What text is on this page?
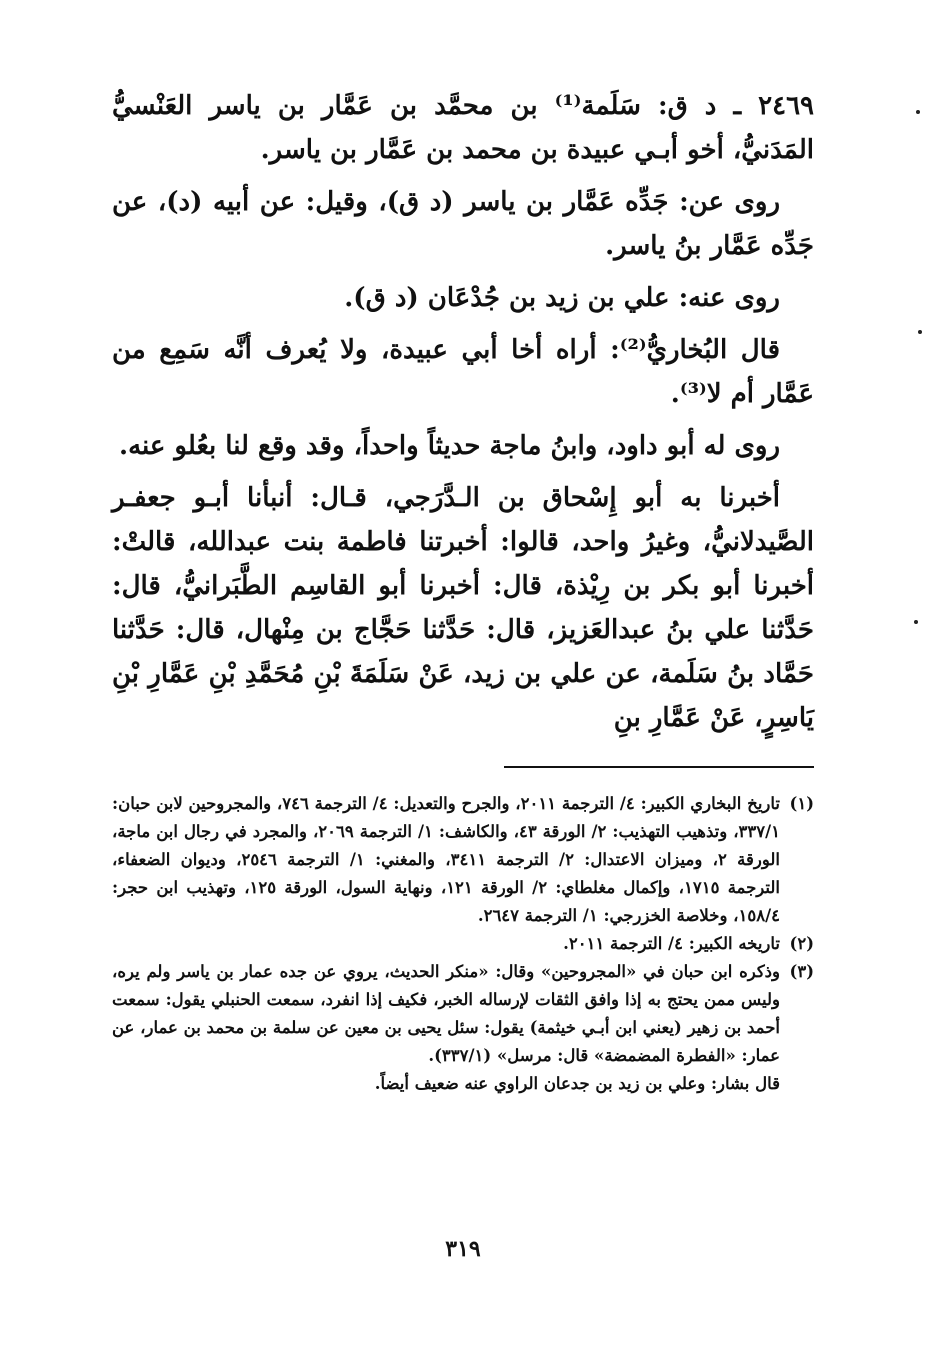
٢٤٦٩ ـ د ق: سَلَمة⁽¹⁾ بن محمَّد بن عَمَّار بن ياسر العَنْسيُّ المَدَنيُّ، أخو أبـي عبيدة بن محمد بن عَمَّار بن ياسر.

روى عن: جَدِّه عَمَّار بن ياسر (د ق)، وقيل: عن أبيه (د)، عن جَدِّه عَمَّار بنُ ياسر.

روى عنه: علي بن زيد بن جُدْعَان (د ق).

قال البُخاريُّ⁽²⁾: أراه أخا أبي عبيدة، ولا يُعرف أنَّه سَمِع من عَمَّار أم لا⁽³⁾.

روى له أبو داود، وابنُ ماجة حديثاً واحداً، وقد وقع لنا بعُلو عنه.

أخبرنا به أبو إِسْحاق بن الـدَّرَجي، قـال: أنبأنا أبـو جعفـر الصَّيدلانيُّ، وغيرُ واحد، قالوا: أخبرتنا فاطمة بنت عبدالله، قالتْ: أخبرنا أبو بكر بن رِيْذة، قال: أخبرنا أبو القاسِم الطَّبَرانيُّ، قال: حَدَّثنا علي بنُ عبدالعَزيز، قال: حَدَّثنا حَجَّاج بن مِنْهال، قال: حَدَّثنا حَمَّاد بنُ سَلَمة، عن علي بن زيد، عَنْ سَلَمَةَ بْنِ مُحَمَّدِ بْنِ عَمَّارِ بْنِ يَاسِرٍ، عَنْ عَمَّارِ بنِ

(١)

تاريخ البخاري الكبير: ٤/ الترجمة ٢٠١١، والجرح والتعديل: ٤/ الترجمة ٧٤٦، والمجروحين لابن حبان: ٣٣٧/١، وتذهيب التهذيب: ٢/ الورقة ٤٣، والكاشف: ١/ الترجمة ٢٠٦٩، والمجرد في رجال ابن ماجة، الورقة ٢، وميزان الاعتدال: ٢/ الترجمة ٣٤١١، والمغني: ١/ الترجمة ٢٥٤٦، وديوان الضعفاء، الترجمة ١٧١٥، وإكمال مغلطاي: ٢/ الورقة ١٢١، ونهاية السول، الورقة ١٢٥، وتهذيب ابن حجر: ١٥٨/٤، وخلاصة الخزرجي: ١/ الترجمة ٢٦٤٧.

(٢)

تاريخه الكبير: ٤/ الترجمة ٢٠١١.

(٣)

وذكره ابن حبان في «المجروحين» وقال: «منكر الحديث، يروي عن جده عمار بن ياسر ولم يره، وليس ممن يحتج به إذا وافق الثقات لإرساله الخبر، فكيف إذا انفرد، سمعت الحنبلي يقول: سمعت أحمد بن زهير (يعني ابن أبـي خيثمة) يقول: سئل يحيى بن معين عن سلمة بن محمد بن عمار، عن عمار: «الفطرة المضمضة» قال: مرسل» (٣٣٧/١).

قال بشار: وعلي بن زيد بن جدعان الراوي عنه ضعيف أيضاً.

٣١٩
